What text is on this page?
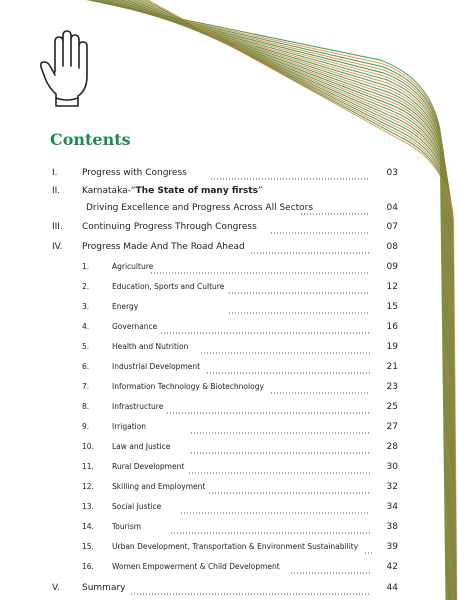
Contents
I.	Progress with Congress	03
II. Karnataka-“The State of many firsts”
Driving Excellence and Progress Across All Sectors	04
III. Continuing Progress Through Congress	07
IV. Progress Made And The Road Ahead	08
1.	Agriculture	09
2.	Education, Sports and Culture	12
3.	Energy	15
4.	Governance	16
5.	Health and Nutrition	19
6.	Industrial Development	21
7.	Information Technology & Biotechnology	23
8.	Infrastructure	25
9.	Irrigation	27
10. Law and Justice	28
11. Rural Development	30
12. Skilling and Employment	32
13. Social Justice	34
14. Tourism	38
15. Urban Development, Transportation & Environment Sustainability	39
16. Women Empowerment & Child Development	42
V. Summary	44
